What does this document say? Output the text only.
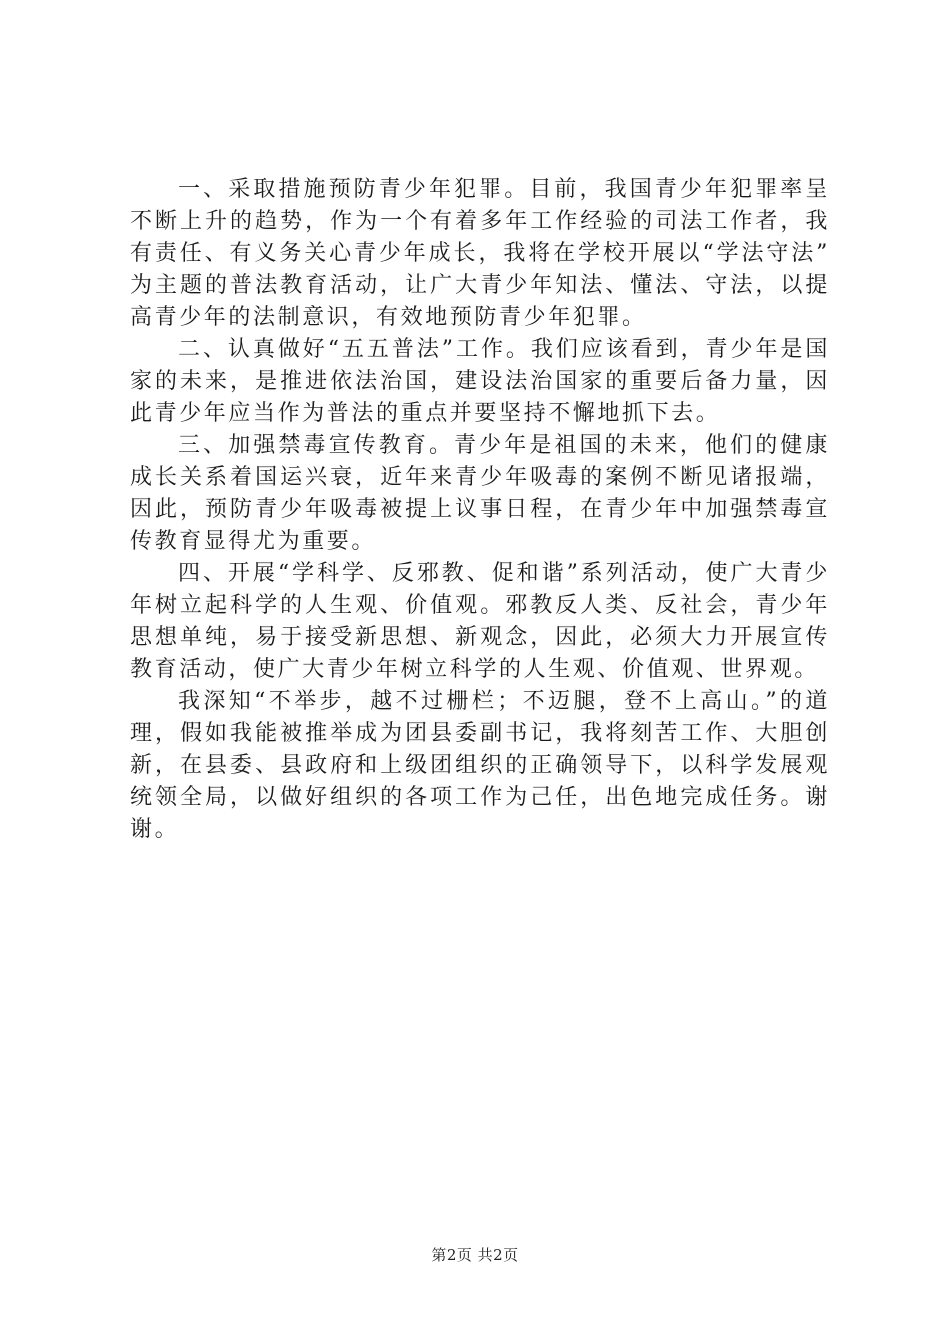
一、采取措施预防青少年犯罪。目前，我国青少年犯罪率呈不断上升的趋势，作为一个有着多年工作经验的司法工作者，我有责任、有义务关心青少年成长，我将在学校开展以“学法守法”为主题的普法教育活动，让广大青少年知法、懂法、守法，以提高青少年的法制意识，有效地预防青少年犯罪。

二、认真做好“五五普法”工作。我们应该看到，青少年是国家的未来，是推进依法治国，建设法治国家的重要后备力量，因此青少年应当作为普法的重点并要坚持不懈地抓下去。

三、加强禁毒宣传教育。青少年是祖国的未来，他们的健康成长关系着国运兴衰，近年来青少年吸毒的案例不断见诸报端，因此，预防青少年吸毒被提上议事日程，在青少年中加强禁毒宣传教育显得尤为重要。

四、开展“学科学、反邪教、促和谐”系列活动，使广大青少年树立起科学的人生观、价值观。邪教反人类、反社会，青少年思想单纯，易于接受新思想、新观念，因此，必须大力开展宣传教育活动，使广大青少年树立科学的人生观、价值观、世界观。

我深知“不举步，越不过栅栏；不迈腿，登不上高山。”的道理，假如我能被推举成为团县委副书记，我将刻苦工作、大胆创新，在县委、县政府和上级团组织的正确领导下，以科学发展观统领全局，以做好组织的各项工作为己任，出色地完成任务。谢谢。

第2页 共2页
